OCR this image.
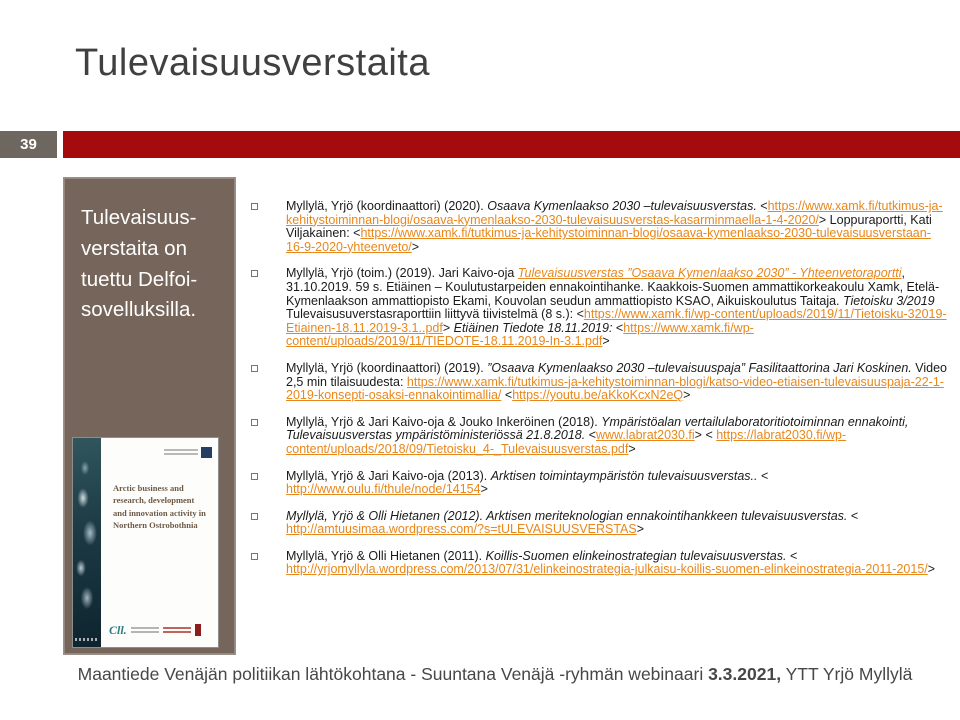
Tulevaisuusverstaita
39

Tulevaisuus-verstaita on tuettu Delfoi-sovelluksilla.

Arctic business and research, development and innovation activity in Northern Ostrobothnia

Cll.
Myllylä, Yrjö (koordinaattori) (2020). Osaava Kymenlaakso 2030 –tulevaisuusverstas. <https://www.xamk.fi/tutkimus-ja-kehitystoiminnan-blogi/osaava-kymenlaakso-2030-tulevaisuusverstas-kasarminmaella-1-4-2020/> Loppuraportti, Kati Viljakainen: <https://www.xamk.fi/tutkimus-ja-kehitystoiminnan-blogi/osaava-kymenlaakso-2030-tulevaisuusverstaan-16-9-2020-yhteenveto/>
Myllylä, Yrjö (toim.) (2019). Jari Kaivo-oja Tulevaisuusverstas ”Osaava Kymenlaakso 2030” - Yhteenvetoraportti, 31.10.2019. 59 s. Etiäinen – Koulutustarpeiden ennakointihanke. Kaakkois-Suomen ammattikorkeakoulu Xamk, Etelä-Kymenlaakson ammattiopisto Ekami, Kouvolan seudun ammattiopisto KSAO, Aikuiskoulutus Taitaja. Tietoisku 3/2019 Tulevaisusuverstasraporttiin liittyvä tiivistelmä (8 s.): <https://www.xamk.fi/wp-content/uploads/2019/11/Tietoisku-32019-Etiainen-18.11.2019-3.1..pdf> Etiäinen Tiedote 18.11.2019: <https://www.xamk.fi/wp-content/uploads/2019/11/TIEDOTE-18.11.2019-In-3.1.pdf>
Myllylä, Yrjö (koordinaattori) (2019). ”Osaava Kymenlaakso 2030 –tulevaisuuspaja” Fasilitaattorina Jari Koskinen. Video 2,5 min tilaisuudesta: https://www.xamk.fi/tutkimus-ja-kehitystoiminnan-blogi/katso-video-etiaisen-tulevaisuuspaja-22-1-2019-konsepti-osaksi-ennakointimallia/ <https://youtu.be/aKkoKcxN2eQ>
Myllylä, Yrjö & Jari Kaivo-oja & Jouko Inkeröinen (2018). Ympäristöalan vertailulaboratoritiotoiminnan ennakointi, Tulevaisuusverstas ympäristöministeriössä 21.8.2018. <www.labrat2030.fi> < https://labrat2030.fi/wp-content/uploads/2018/09/Tietoisku_4-_Tulevaisuusverstas.pdf>
Myllylä, Yrjö & Jari Kaivo-oja (2013). Arktisen toimintaympäristön tulevaisuusverstas.. < http://www.oulu.fi/thule/node/14154>
Myllylä, Yrjö & Olli Hietanen (2012). Arktisen meriteknologian ennakointihankkeen tulevaisuusverstas. < http://amtuusimaa.wordpress.com/?s=tULEVAISUUSVERSTAS>
Myllylä, Yrjö & Olli Hietanen (2011). Koillis-Suomen elinkeinostrategian tulevaisuusverstas. < http://yrjomyllyla.wordpress.com/2013/07/31/elinkeinostrategia-julkaisu-koillis-suomen-elinkeinostrategia-2011-2015/>

Maantiede Venäjän politiikan lähtökohtana - Suuntana Venäjä -ryhmän webinaari 3.3.2021, YTT Yrjö Myllylä
